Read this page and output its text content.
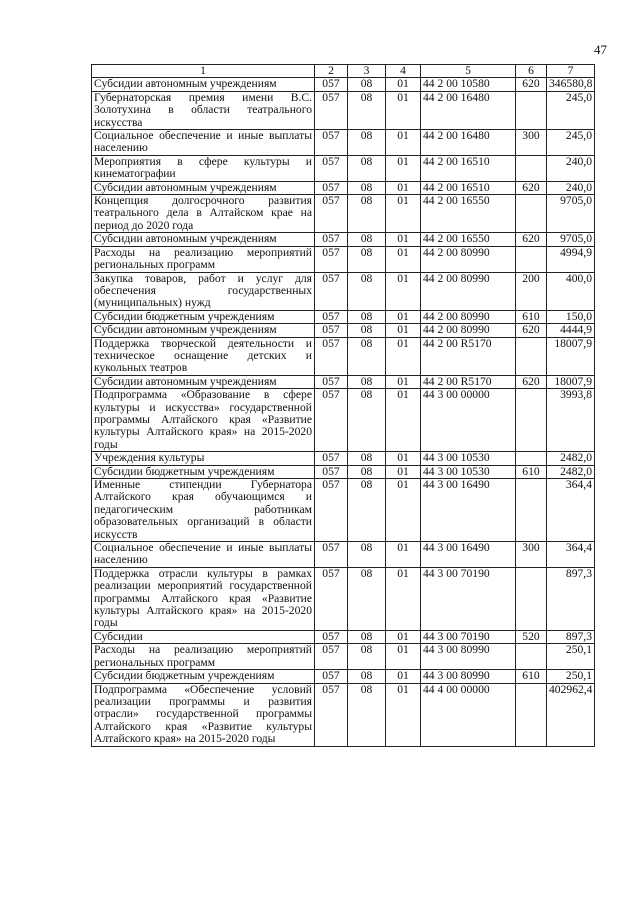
47
1	2	3	4	5	6	7
Субсидии автономным учреждениям	057	08	01	44 2 00 10580	620	346580,8
Губернаторская премия имени В.С. Золотухина в области театрального искусства	057	08	01	44 2 00 16480		245,0
Социальное обеспечение и иные выплаты населению	057	08	01	44 2 00 16480	300	245,0
Мероприятия в сфере культуры и кинематографии	057	08	01	44 2 00 16510		240,0
Субсидии автономным учреждениям	057	08	01	44 2 00 16510	620	240,0
Концепция долгосрочного развития театрального дела в Алтайском крае на период до 2020 года	057	08	01	44 2 00 16550		9705,0
Субсидии автономным учреждениям	057	08	01	44 2 00 16550	620	9705,0
Расходы на реализацию мероприятий региональных программ	057	08	01	44 2 00 80990		4994,9
Закупка товаров, работ и услуг для обеспечения государственных (муниципальных) нужд	057	08	01	44 2 00 80990	200	400,0
Субсидии бюджетным учреждениям	057	08	01	44 2 00 80990	610	150,0
Субсидии автономным учреждениям	057	08	01	44 2 00 80990	620	4444,9
Поддержка творческой деятельности и техническое оснащение детских и кукольных театров	057	08	01	44 2 00 R5170		18007,9
Субсидии автономным учреждениям	057	08	01	44 2 00 R5170	620	18007,9
Подпрограмма «Образование в сфере культуры и искусства» государственной программы Алтайского края «Развитие культуры Алтайского края» на 2015-2020 годы	057	08	01	44 3 00 00000		3993,8
Учреждения культуры	057	08	01	44 3 00 10530		2482,0
Субсидии бюджетным учреждениям	057	08	01	44 3 00 10530	610	2482,0
Именные стипендии Губернатора Алтайского края обучающимся и педагогическим работникам образовательных организаций в области искусств	057	08	01	44 3 00 16490		364,4
Социальное обеспечение и иные выплаты населению	057	08	01	44 3 00 16490	300	364,4
Поддержка отрасли культуры в рамках реализации мероприятий государственной программы Алтайского края «Развитие культуры Алтайского края» на 2015-2020 годы	057	08	01	44 3 00 70190		897,3
Субсидии	057	08	01	44 3 00 70190	520	897,3
Расходы на реализацию мероприятий региональных программ	057	08	01	44 3 00 80990		250,1
Субсидии бюджетным учреждениям	057	08	01	44 3 00 80990	610	250,1
Подпрограмма «Обеспечение условий реализации программы и развития отрасли» государственной программы Алтайского края «Развитие культуры Алтайского края» на 2015-2020 годы	057	08	01	44 4 00 00000		402962,4
